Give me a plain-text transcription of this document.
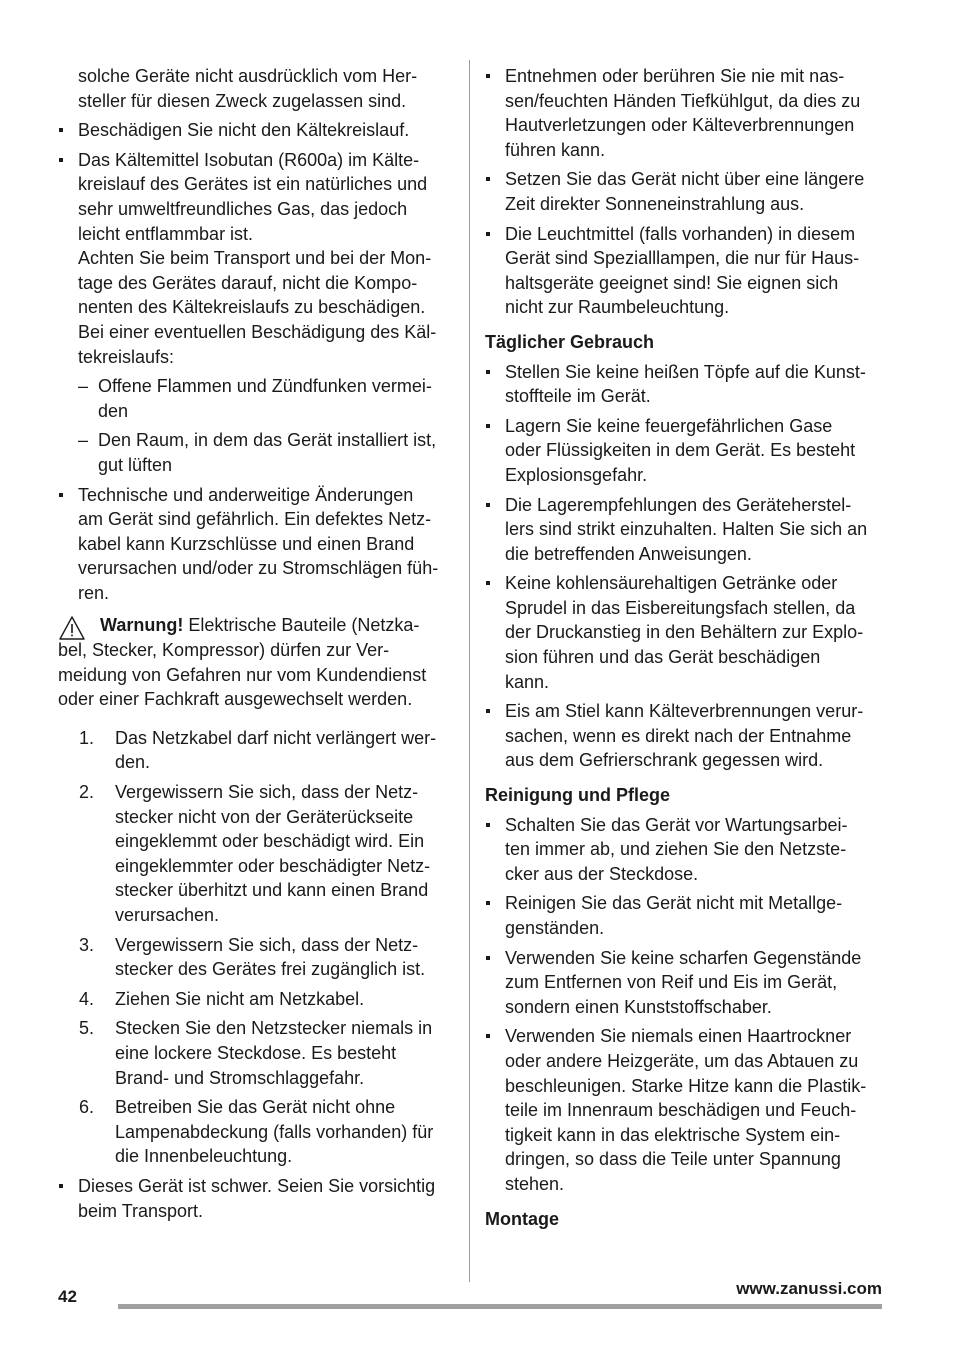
solche Geräte nicht ausdrücklich vom Her-
steller für diesen Zweck zugelassen sind.
Beschädigen Sie nicht den Kältekreislauf.
Das Kältemittel Isobutan (R600a) im Kälte-
kreislauf des Gerätes ist ein natürliches und
sehr umweltfreundliches Gas, das jedoch
leicht entflammbar ist.
Achten Sie beim Transport und bei der Mon-
tage des Gerätes darauf, nicht die Kompo-
nenten des Kältekreislaufs zu beschädigen.
Bei einer eventuellen Beschädigung des Käl-
tekreislaufs:
– Offene Flammen und Zündfunken vermei-
den
– Den Raum, in dem das Gerät installiert ist,
gut lüften
Technische und anderweitige Änderungen
am Gerät sind gefährlich. Ein defektes Netz-
kabel kann Kurzschlüsse und einen Brand
verursachen und/oder zu Stromschlägen füh-
ren.
Warnung! Elektrische Bauteile (Netzka-
bel, Stecker, Kompressor) dürfen zur Ver-
meidung von Gefahren nur vom Kundendienst
oder einer Fachkraft ausgewechselt werden.
1. Das Netzkabel darf nicht verlängert wer-
den.
2. Vergewissern Sie sich, dass der Netz-
stecker nicht von der Geräterückseite
eingeklemmt oder beschädigt wird. Ein
eingeklemmter oder beschädigter Netz-
stecker überhitzt und kann einen Brand
verursachen.
3. Vergewissern Sie sich, dass der Netz-
stecker des Gerätes frei zugänglich ist.
4. Ziehen Sie nicht am Netzkabel.
5. Stecken Sie den Netzstecker niemals in
eine lockere Steckdose. Es besteht
Brand- und Stromschlaggefahr.
6. Betreiben Sie das Gerät nicht ohne
Lampenabdeckung (falls vorhanden) für
die Innenbeleuchtung.
Dieses Gerät ist schwer. Seien Sie vorsichtig
beim Transport.
Entnehmen oder berühren Sie nie mit nas-
sen/feuchten Händen Tiefkühlgut, da dies zu
Hautverletzungen oder Kälteverbrennungen
führen kann.
Setzen Sie das Gerät nicht über eine längere
Zeit direkter Sonneneinstrahlung aus.
Die Leuchtmittel (falls vorhanden) in diesem
Gerät sind Spezialllampen, die nur für Haus-
haltsgeräte geeignet sind! Sie eignen sich
nicht zur Raumbeleuchtung.
Täglicher Gebrauch
Stellen Sie keine heißen Töpfe auf die Kunst-
stoffteile im Gerät.
Lagern Sie keine feuergefährlichen Gase
oder Flüssigkeiten in dem Gerät. Es besteht
Explosionsgefahr.
Die Lagerempfehlungen des Geräteherstel-
lers sind strikt einzuhalten. Halten Sie sich an
die betreffenden Anweisungen.
Keine kohlensäurehaltigen Getränke oder
Sprudel in das Eisbereitungsfach stellen, da
der Druckanstieg in den Behältern zur Explo-
sion führen und das Gerät beschädigen
kann.
Eis am Stiel kann Kälteverbrennungen verur-
sachen, wenn es direkt nach der Entnahme
aus dem Gefrierschrank gegessen wird.
Reinigung und Pflege
Schalten Sie das Gerät vor Wartungsarbei-
ten immer ab, und ziehen Sie den Netzste-
cker aus der Steckdose.
Reinigen Sie das Gerät nicht mit Metallge-
genständen.
Verwenden Sie keine scharfen Gegenstände
zum Entfernen von Reif und Eis im Gerät,
sondern einen Kunststoffschaber.
Verwenden Sie niemals einen Haartrockner
oder andere Heizgeräte, um das Abtauen zu
beschleunigen. Starke Hitze kann die Plastik-
teile im Innenraum beschädigen und Feuch-
tigkeit kann in das elektrische System ein-
dringen, so dass die Teile unter Spannung
stehen.
Montage
42	www.zanussi.com
